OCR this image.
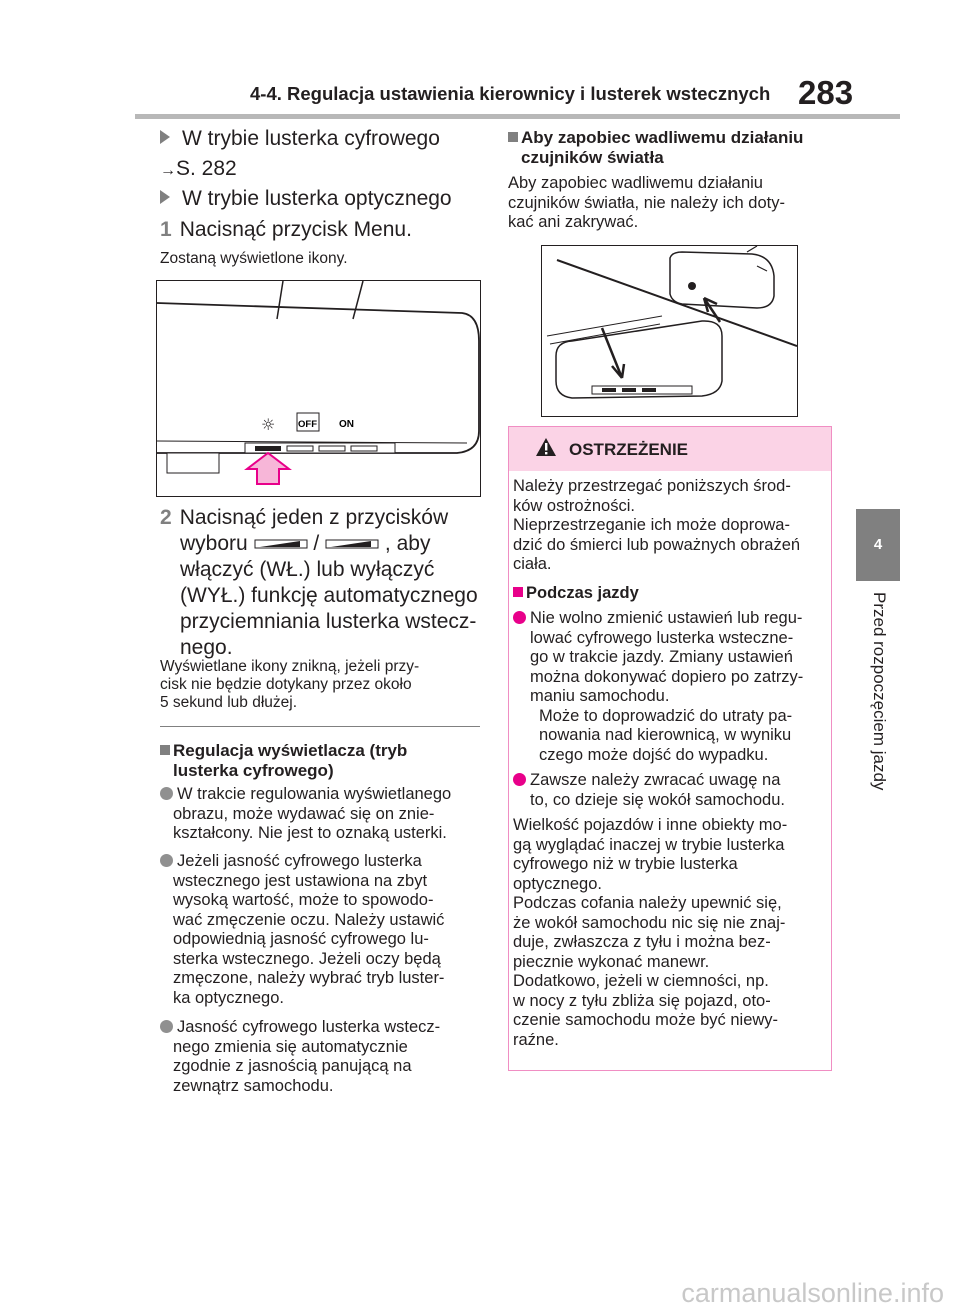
4-4. Regulacja ustawienia kierownicy i lusterek wstecznych 283
4
Przed rozpoczęciem jazdy
W trybie lusterka cyfrowego
→S. 282
W trybie lusterka optycznego
1 Nacisnąć przycisk Menu.
Zostaną wyświetlone ikony.
☼ OFF ON
2 Nacisnąć jeden z przycisków
wyboru	/	, aby
włączyć (WŁ.) lub wyłączyć
(WYŁ.) funkcję automatycznego
przyciemniania lusterka wstecz-
nego.
Wyświetlane ikony znikną, jeżeli przy-
cisk nie będzie dotykany przez około
5 sekund lub dłużej.
Regulacja wyświetlacza (tryb
lusterka cyfrowego)
W trakcie regulowania wyświetlanego
obrazu, może wydawać się on znie-
kształcony. Nie jest to oznaką usterki.
Jeżeli jasność cyfrowego lusterka
wstecznego jest ustawiona na zbyt
wysoką wartość, może to spowodo-
wać zmęczenie oczu. Należy ustawić
odpowiednią jasność cyfrowego lu-
sterka wstecznego. Jeżeli oczy będą
zmęczone, należy wybrać tryb luster-
ka optycznego.
Jasność cyfrowego lusterka wstecz-
nego zmienia się automatycznie
zgodnie z jasnością panującą na
zewnątrz samochodu.
Aby zapobiec wadliwemu działaniu
czujników światła
Aby zapobiec wadliwemu działaniu
czujników światła, nie należy ich doty-
kać ani zakrywać.
OSTRZEŻENIE
Należy przestrzegać poniższych środ-
ków ostrożności.
Nieprzestrzeganie ich może doprowa-
dzić do śmierci lub poważnych obrażeń
ciała.
Podczas jazdy
Nie wolno zmienić ustawień lub regu-
lować cyfrowego lusterka wsteczne-
go w trakcie jazdy. Zmiany ustawień
można dokonywać dopiero po zatrzy-
maniu samochodu.
Może to doprowadzić do utraty pa-
nowania nad kierownicą, w wyniku
czego może dojść do wypadku.
Zawsze należy zwracać uwagę na
to, co dzieje się wokół samochodu.
Wielkość pojazdów i inne obiekty mo-
gą wyglądać inaczej w trybie lusterka
cyfrowego niż w trybie lusterka
optycznego.
Podczas cofania należy upewnić się,
że wokół samochodu nic się nie znaj-
duje, zwłaszcza z tyłu i można bez-
piecznie wykonać manewr.
Dodatkowo, jeżeli w ciemności, np.
w nocy z tyłu zbliża się pojazd, oto-
czenie samochodu może być niewy-
raźne.
carmanualsonline.info
